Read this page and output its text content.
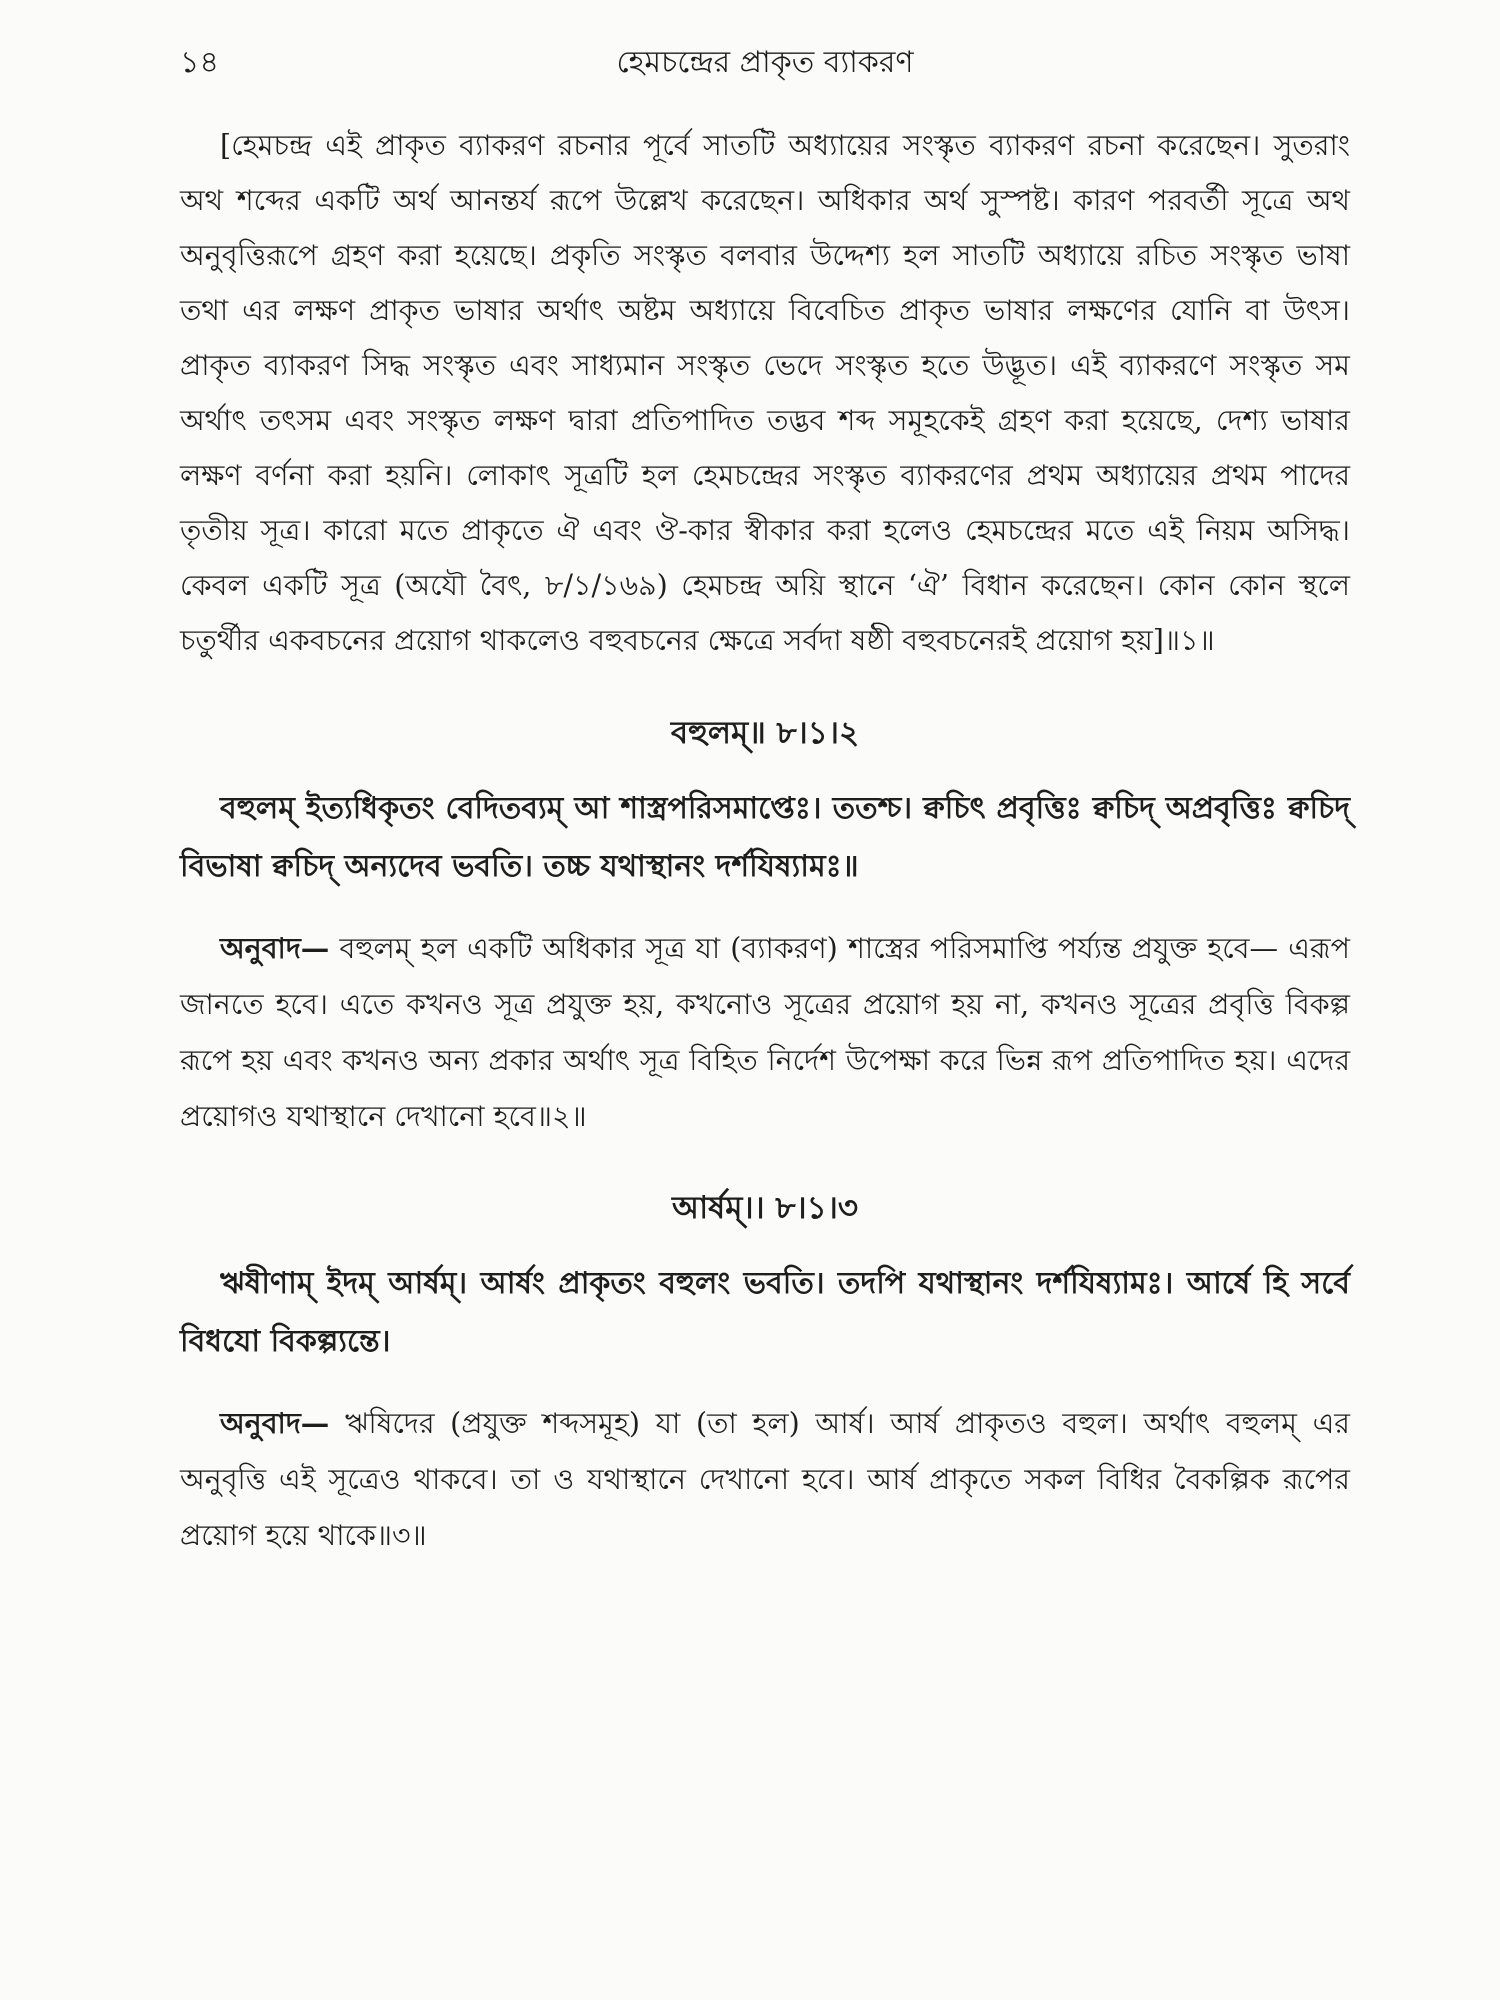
১৪	হেমচন্দ্রের প্রাকৃত ব্যাকরণ

[হেমচন্দ্র এই প্রাকৃত ব্যাকরণ রচনার পূর্বে সাতটি অধ্যায়ের সংস্কৃত ব্যাকরণ রচনা করেছেন। সুতরাং অথ শব্দের একটি অর্থ আনন্তর্য রূপে উল্লেখ করেছেন। অধিকার অর্থ সুস্পষ্ট। কারণ পরবর্তী সূত্রে অথ অনুবৃত্তিরূপে গ্রহণ করা হয়েছে। প্রকৃতি সংস্কৃত বলবার উদ্দেশ্য হল সাতটি অধ্যায়ে রচিত সংস্কৃত ভাষা তথা এর লক্ষণ প্রাকৃত ভাষার অর্থাৎ অষ্টম অধ্যায়ে বিবেচিত প্রাকৃত ভাষার লক্ষণের যোনি বা উৎস। প্রাকৃত ব্যাকরণ সিদ্ধ সংস্কৃত এবং সাধ্যমান সংস্কৃত ভেদে সংস্কৃত হতে উদ্ভূত। এই ব্যাকরণে সংস্কৃত সম অর্থাৎ তৎসম এবং সংস্কৃত লক্ষণ দ্বারা প্রতিপাদিত তদ্ভব শব্দ সমূহকেই গ্রহণ করা হয়েছে, দেশ্য ভাষার লক্ষণ বর্ণনা করা হয়নি। লোকাৎ সূত্রটি হল হেমচন্দ্রের সংস্কৃত ব্যাকরণের প্রথম অধ্যায়ের প্রথম পাদের তৃতীয় সূত্র। কারো মতে প্রাকৃতে ঐ এবং ঔ-কার স্বীকার করা হলেও হেমচন্দ্রের মতে এই নিয়ম অসিদ্ধ। কেবল একটি সূত্র (অযৌ বৈৎ, ৮/১/১৬৯) হেমচন্দ্র অয়ি স্থানে ‘ঐ’ বিধান করেছেন। কোন কোন স্থলে চতুর্থীর একবচনের প্রয়োগ থাকলেও বহুবচনের ক্ষেত্রে সর্বদা ষষ্ঠী বহুবচনেরই প্রয়োগ হয়]॥১॥

বহুলম্॥ ৮।১।২

বহুলম্ ইত্যধিকৃতং বেদিতব্যম্ আ শাস্ত্রপরিসমাপ্তেঃ। ততশ্চ। ক্বচিৎ প্রবৃত্তিঃ ক্বচিদ্ অপ্রবৃত্তিঃ ক্বচিদ্ বিভাষা ক্বচিদ্ অন্যদেব ভবতি। তচ্চ যথাস্থানং দর্শযিষ্যামঃ॥

অনুবাদ— বহুলম্ হল একটি অধিকার সূত্র যা (ব্যাকরণ) শাস্ত্রের পরিসমাপ্তি পর্য্যন্ত প্রযুক্ত হবে— এরূপ জানতে হবে। এতে কখনও সূত্র প্রযুক্ত হয়, কখনোও সূত্রের প্রয়োগ হয় না, কখনও সূত্রের প্রবৃত্তি বিকল্প রূপে হয় এবং কখনও অন্য প্রকার অর্থাৎ সূত্র বিহিত নির্দেশ উপেক্ষা করে ভিন্ন রূপ প্রতিপাদিত হয়। এদের প্রয়োগও যথাস্থানে দেখানো হবে॥২॥

আর্ষম্।। ৮।১।৩

ঋষীণাম্ ইদম্ আর্ষম্। আর্ষং প্রাকৃতং বহুলং ভবতি। তদপি যথাস্থানং দর্শযিষ্যামঃ। আর্ষে হি সর্বে বিধযো বিকল্প্যন্তে।

অনুবাদ— ঋষিদের (প্রযুক্ত শব্দসমূহ) যা (তা হল) আর্ষ। আর্ষ প্রাকৃতও বহুল। অর্থাৎ বহুলম্ এর অনুবৃত্তি এই সূত্রেও থাকবে। তা ও যথাস্থানে দেখানো হবে। আর্ষ প্রাকৃতে সকল বিধির বৈকল্পিক রূপের প্রয়োগ হয়ে থাকে॥৩॥
